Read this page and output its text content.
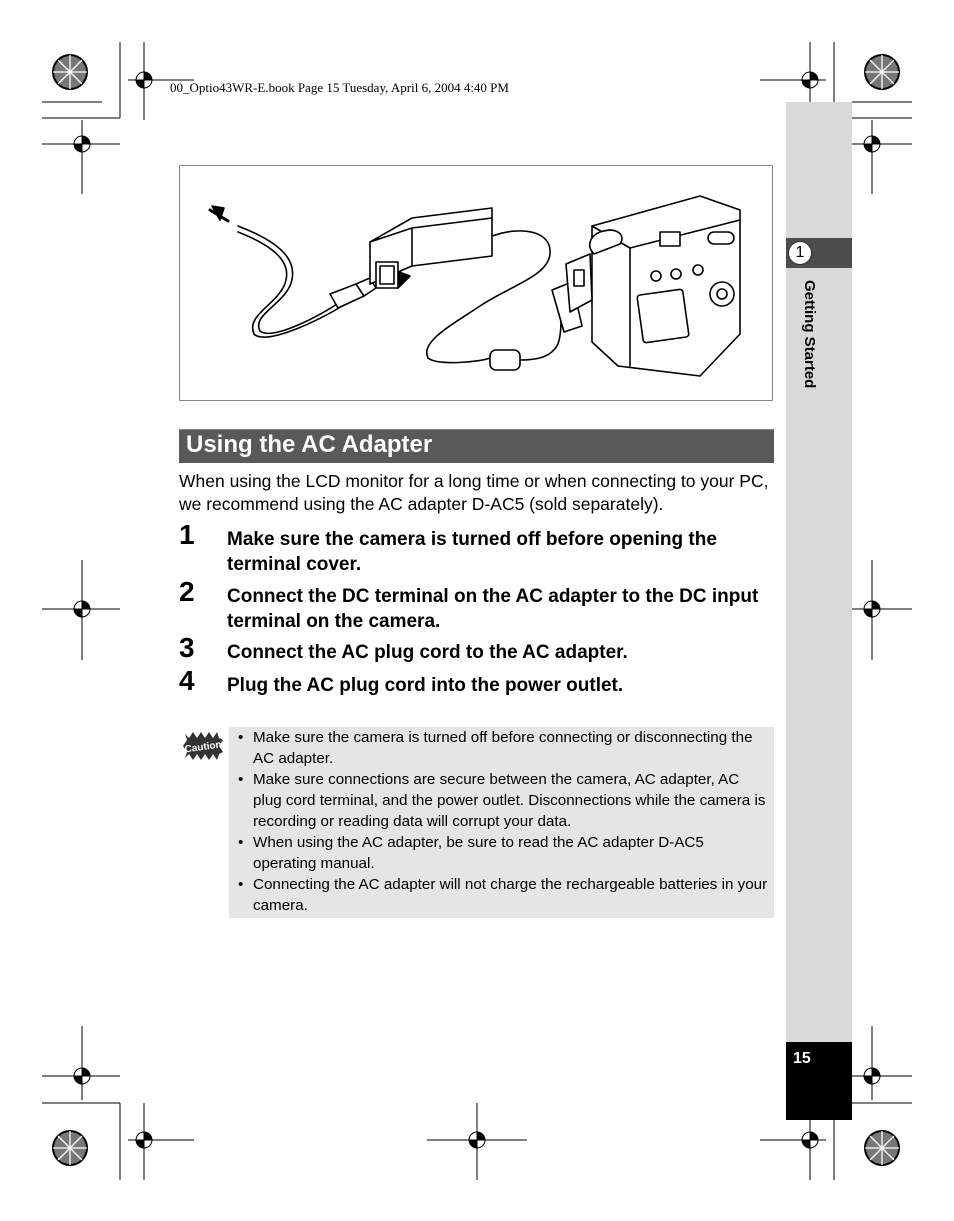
00_Optio43WR-E.book Page 15 Tuesday, April 6, 2004 4:40 PM
1
Getting Started
15
Using the AC Adapter
When using the LCD monitor for a long time or when connecting to your PC, we recommend using the AC adapter D-AC5 (sold separately).
1 Make sure the camera is turned off before opening the terminal cover.
2 Connect the DC terminal on the AC adapter to the DC input terminal on the camera.
3 Connect the AC plug cord to the AC adapter.
4 Plug the AC plug cord into the power outlet.
Caution
• Make sure the camera is turned off before connecting or disconnecting the AC adapter.
• Make sure connections are secure between the camera, AC adapter, AC plug cord terminal, and the power outlet. Disconnections while the camera is recording or reading data will corrupt your data.
• When using the AC adapter, be sure to read the AC adapter D-AC5 operating manual.
• Connecting the AC adapter will not charge the rechargeable batteries in your camera.
